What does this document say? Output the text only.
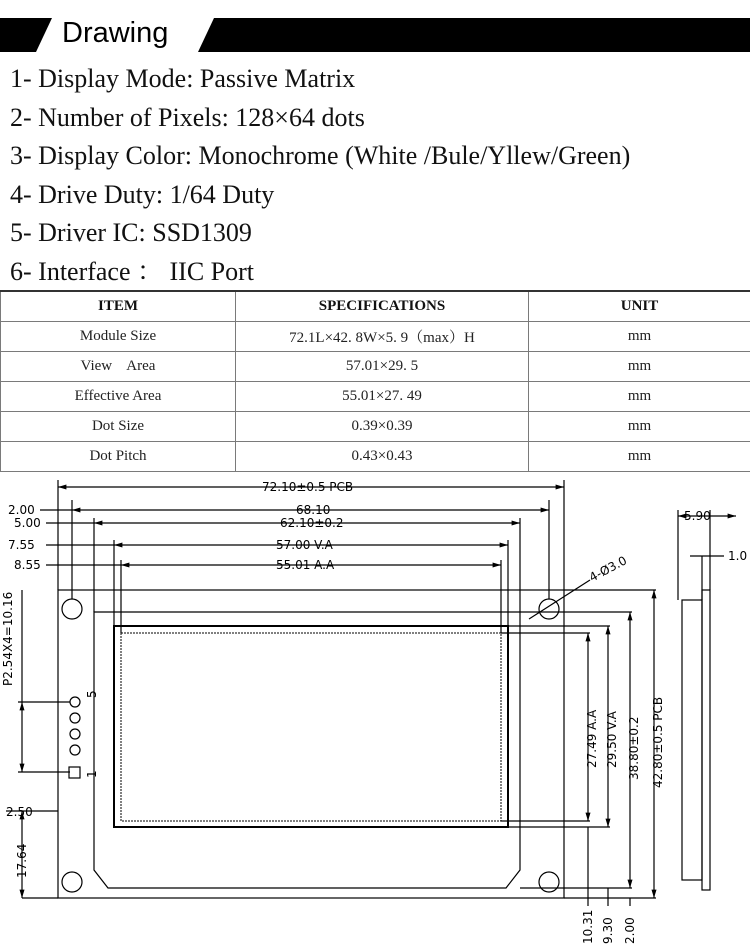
Drawing
1- Display Mode: Passive Matrix
2- Number of Pixels: 128×64 dots
3- Display Color: Monochrome (White /Bule/Yllew/Green)
4- Drive Duty: 1/64 Duty
5- Driver IC: SSD1309
6- Interface ： IIC Port
ITEM	SPECIFICATIONS	UNIT
Module Size	72.1L×42. 8W×5. 9（max）H	mm
View    Area	57.01×29. 5	mm
Effective Area	55.01×27. 49	mm
Dot Size	0.39×0.39	mm
Dot Pitch	0.43×0.43	mm
72.10±0.5 PCB
68.10
62.10±0.2
57.00 V.A
55.01 A.A
2.00
5.00
7.55
8.55
P2.54X4=10.16
2.50
17.64
5
1
4-Ø3.0
27.49 A.A 29.50 V.A 38.80±0.2 42.80±0.5 PCB
10.31 9.30 2.00
5.90
1.0
